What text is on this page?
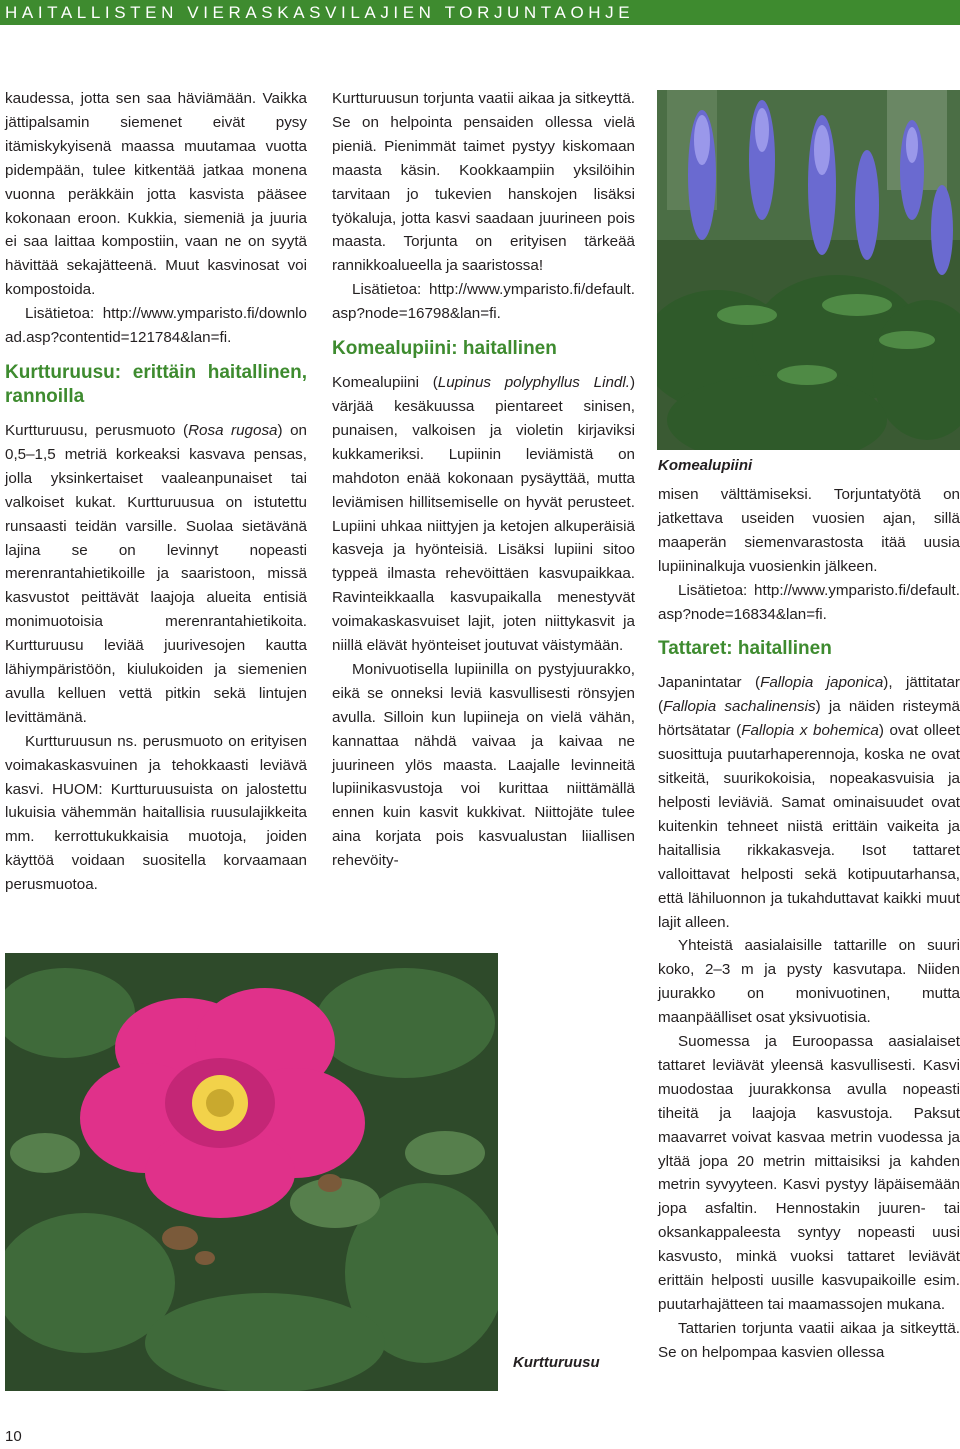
HAITALLISTEN VIERASKASVILAJIEN TORJUNTAOHJE

kaudessa, jotta sen saa häviämään. Vaikka jättipalsamin siemenet eivät pysy itämiskykyisenä maassa muutamaa vuotta pidempään, tulee kitkentää jatkaa monena vuonna peräkkäin jotta kasvista pääsee kokonaan eroon. Kukkia, siemeniä ja juuria ei saa laittaa kompostiin, vaan ne on syytä hävittää sekajätteenä. Muut kasvinosat voi kompostoida.

Lisätietoa: http://www.ymparisto.fi/download.asp?contentid=121784&lan=fi.

Kurtturuusu: erittäin haitallinen, rannoilla

Kurtturuusu, perusmuoto (Rosa rugosa) on 0,5–1,5 metriä korkeaksi kasvava pensas, jolla yksinkertaiset vaaleanpunaiset tai valkoiset kukat. Kurtturuusua on istutettu runsaasti teidän varsille. Suolaa sietävänä lajina se on levinnyt nopeasti merenrantahietikoille ja saaristoon, missä kasvustot peittävät laajoja alueita entisiä monimuotoisia merenrantahietikoita. Kurtturuusu leviää juurivesojen kautta lähiympäristöön, kiulukoiden ja siemenien avulla kelluen vettä pitkin sekä lintujen levittämänä.

Kurtturuusun ns. perusmuoto on erityisen voimakaskasvuinen ja tehokkaasti leviävä kasvi. HUOM: Kurtturuusuista on jalostettu lukuisia vähemmän haitallisia ruusulajikkeita mm. kerrottukukkaisia muotoja, joiden käyttöä voidaan suositella korvaamaan perusmuotoa.

Kurtturuusun torjunta vaatii aikaa ja sitkeyttä. Se on helpointa pensaiden ollessa vielä pieniä. Pienimmät taimet pystyy kiskomaan maasta käsin. Kookkaampiin yksilöihin tarvitaan jo tukevien hanskojen lisäksi työkaluja, jotta kasvi saadaan juurineen pois maasta. Torjunta on erityisen tärkeää rannikkoalueella ja saaristossa!

Lisätietoa: http://www.ymparisto.fi/default.asp?node=16798&lan=fi.

Komealupiini: haitallinen

Komealupiini (Lupinus polyphyllus Lindl.) värjää kesäkuussa pientareet sinisen, punaisen, valkoisen ja violetin kirjaviksi kukkameriksi. Lupiinin leviämistä on mahdoton enää kokonaan pysäyttää, mutta leviämisen hillitsemiselle on hyvät perusteet. Lupiini uhkaa niittyjen ja ketojen alkuperäisiä kasveja ja hyönteisiä. Lisäksi lupiini sitoo typpeä ilmasta rehevöittäen kasvupaikkaa. Ravinteikkaalla kasvupaikalla menestyvät voimakaskasvuiset lajit, joten niittykasvit ja niillä elävät hyönteiset joutuvat väistymään.

Monivuotisella lupiinilla on pystyjuurakko, eikä se onneksi leviä kasvullisesti rönsyjen avulla. Silloin kun lupiineja on vielä vähän, kannattaa nähdä vaivaa ja kaivaa ne juurineen ylös maasta. Laajalle levinneitä lupiinikasvustoja voi kurittaa niittämällä ennen kuin kasvit kukkivat. Niittojäte tulee aina korjata pois kasvualustan liiallisen rehevöity-

misen välttämiseksi. Torjuntatyötä on jatkettava useiden vuosien ajan, sillä maaperän siemenvarastosta itää uusia lupiininalkuja vuosienkin jälkeen.

Lisätietoa: http://www.ymparisto.fi/default.asp?node=16834&lan=fi.

Tattaret: haitallinen

Japanintatar (Fallopia japonica), jättitatar (Fallopia sachalinensis) ja näiden risteymä hörtsätatar (Fallopia x bohemica) ovat olleet suosittuja puutarhaperennoja, koska ne ovat sitkeitä, suurikokoisia, nopeakasvuisia ja helposti leviäviä. Samat ominaisuudet ovat kuitenkin tehneet niistä erittäin vaikeita ja haitallisia rikkakasveja. Isot tattaret valloittavat helposti sekä kotipuutarhansa, että lähiluonnon ja tukahduttavat kaikki muut lajit alleen.

Yhteistä aasialaisille tattarille on suuri koko, 2–3 m ja pysty kasvutapa. Niiden juurakko on monivuotinen, mutta maanpäälliset osat yksivuotisia.

Suomessa ja Euroopassa aasialaiset tattaret leviävät yleensä kasvullisesti. Kasvi muodostaa juurakkonsa avulla nopeasti tiheitä ja laajoja kasvustoja. Paksut maavarret voivat kasvaa metrin vuodessa ja yltää jopa 20 metrin mittaisiksi ja kahden metrin syvyyteen. Kasvi pystyy läpäisemään jopa asfaltin. Hennostakin juuren- tai oksankappaleesta syntyy nopeasti uusi kasvusto, minkä vuoksi tattaret leviävät erittäin helposti uusille kasvupaikoille esim. puutarhajätteen tai maamassojen mukana.

Tattarien torjunta vaatii aikaa ja sitkeyttä. Se on helpompaa kasvien ollessa

Komealupiini
Kurtturuusu
10
